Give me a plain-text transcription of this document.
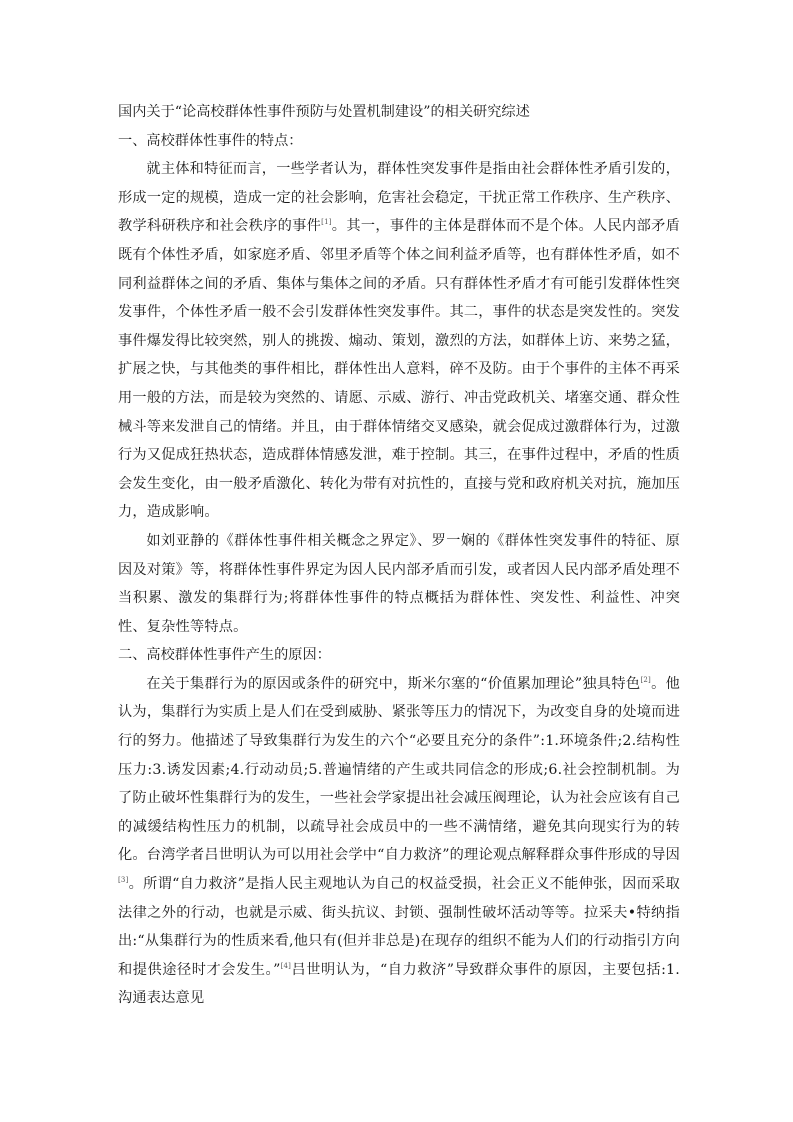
国内关于“论高校群体性事件预防与处置机制建设”的相关研究综述

一、高校群体性事件的特点：

就主体和特征而言，一些学者认为，群体性突发事件是指由社会群体性矛盾引发的，形成一定的规模，造成一定的社会影响，危害社会稳定，干扰正常工作秩序、生产秩序、教学科研秩序和社会秩序的事件[1]。其一，事件的主体是群体而不是个体。人民内部矛盾既有个体性矛盾，如家庭矛盾、邻里矛盾等个体之间利益矛盾等，也有群体性矛盾，如不同利益群体之间的矛盾、集体与集体之间的矛盾。只有群体性矛盾才有可能引发群体性突发事件，个体性矛盾一般不会引发群体性突发事件。其二，事件的状态是突发性的。突发事件爆发得比较突然，别人的挑拨、煽动、策划，激烈的方法，如群体上访、来势之猛，扩展之快，与其他类的事件相比，群体性出人意料，碎不及防。由于个事件的主体不再采用一般的方法，而是较为突然的、请愿、示威、游行、冲击党政机关、堵塞交通、群众性械斗等来发泄自己的情绪。并且，由于群体情绪交叉感染，就会促成过激群体行为，过激行为又促成狂热状态，造成群体情感发泄，难于控制。其三，在事件过程中，矛盾的性质会发生变化，由一般矛盾激化、转化为带有对抗性的，直接与党和政府机关对抗，施加压力，造成影响。

如刘亚静的《群体性事件相关概念之界定》、罗一娴的《群体性突发事件的特征、原因及对策》等，将群体性事件界定为因人民内部矛盾而引发，或者因人民内部矛盾处理不当积累、激发的集群行为;将群体性事件的特点概括为群体性、突发性、利益性、冲突性、复杂性等特点。

二、高校群体性事件产生的原因：

在关于集群行为的原因或条件的研究中，斯米尔塞的“价值累加理论”独具特色[2]。他认为，集群行为实质上是人们在受到威胁、紧张等压力的情况下，为改变自身的处境而进行的努力。他描述了导致集群行为发生的六个“必要且充分的条件”:1.环境条件;2.结构性压力:3.诱发因素;4.行动动员;5.普遍情绪的产生或共同信念的形成;6.社会控制机制。为了防止破坏性集群行为的发生，一些社会学家提出社会减压阀理论，认为社会应该有自己的减缓结构性压力的机制，以疏导社会成员中的一些不满情绪，避免其向现实行为的转化。台湾学者吕世明认为可以用社会学中“自力救济”的理论观点解释群众事件形成的导因[3]。所谓“自力救济”是指人民主观地认为自己的权益受损，社会正义不能伸张，因而采取法律之外的行动，也就是示威、街头抗议、封锁、强制性破坏活动等等。拉采夫•特纳指出:“从集群行为的性质来看,他只有(但并非总是)在现存的组织不能为人们的行动指引方向和提供途径时才会发生。”[4]吕世明认为，“自力救济”导致群众事件的原因，主要包括:1.沟通表达意见
